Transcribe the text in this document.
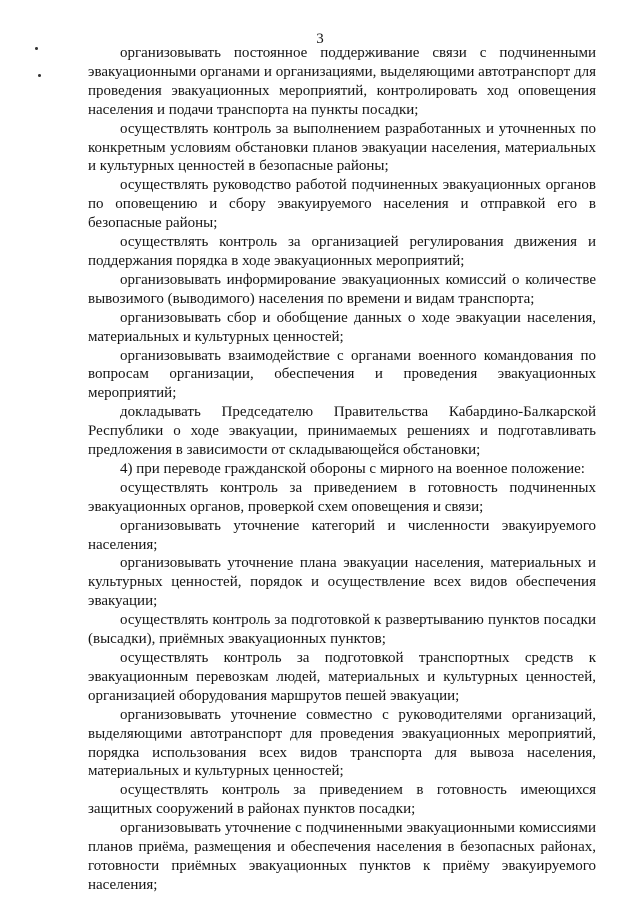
3

организовывать постоянное поддерживание связи с подчиненными эвакуационными органами и организациями, выделяющими автотранспорт для проведения эвакуационных мероприятий, контролировать ход оповещения населения и подачи транспорта на пункты посадки;

осуществлять контроль за выполнением разработанных и уточненных по конкретным условиям обстановки планов эвакуации населения, материальных и культурных ценностей в безопасные районы;

осуществлять руководство работой подчиненных эвакуационных органов по оповещению и сбору эвакуируемого населения и отправкой его в безопасные районы;

осуществлять контроль за организацией регулирования движения и поддержания порядка в ходе эвакуационных мероприятий;

организовывать информирование эвакуационных комиссий о количестве вывозимого (выводимого) населения по времени и видам транспорта;

организовывать сбор и обобщение данных о ходе эвакуации населения, материальных и культурных ценностей;

организовывать взаимодействие с органами военного командования по вопросам организации, обеспечения и проведения эвакуационных мероприятий;

докладывать Председателю Правительства Кабардино-Балкарской Республики о ходе эвакуации, принимаемых решениях и подготавливать предложения в зависимости от складывающейся обстановки;

4) при переводе гражданской обороны с мирного на военное положение:

осуществлять контроль за приведением в готовность подчиненных эвакуационных органов, проверкой схем оповещения и связи;

организовывать уточнение категорий и численности эвакуируемого населения;

организовывать уточнение плана эвакуации населения, материальных и культурных ценностей, порядок и осуществление всех видов обеспечения эвакуации;

осуществлять контроль за подготовкой к развертыванию пунктов посадки (высадки), приёмных эвакуационных пунктов;

осуществлять контроль за подготовкой транспортных средств к эвакуационным перевозкам людей, материальных и культурных ценностей, организацией оборудования маршрутов пешей эвакуации;

организовывать уточнение совместно с руководителями организаций, выделяющими автотранспорт для проведения эвакуационных мероприятий, порядка использования всех видов транспорта для вывоза населения, материальных и культурных ценностей;

осуществлять контроль за приведением в готовность имеющихся защитных сооружений в районах пунктов посадки;

организовывать уточнение с подчиненными эвакуационными комиссиями планов приёма, размещения и обеспечения населения в безопасных районах, готовности приёмных эвакуационных пунктов к приёму эвакуируемого населения;
